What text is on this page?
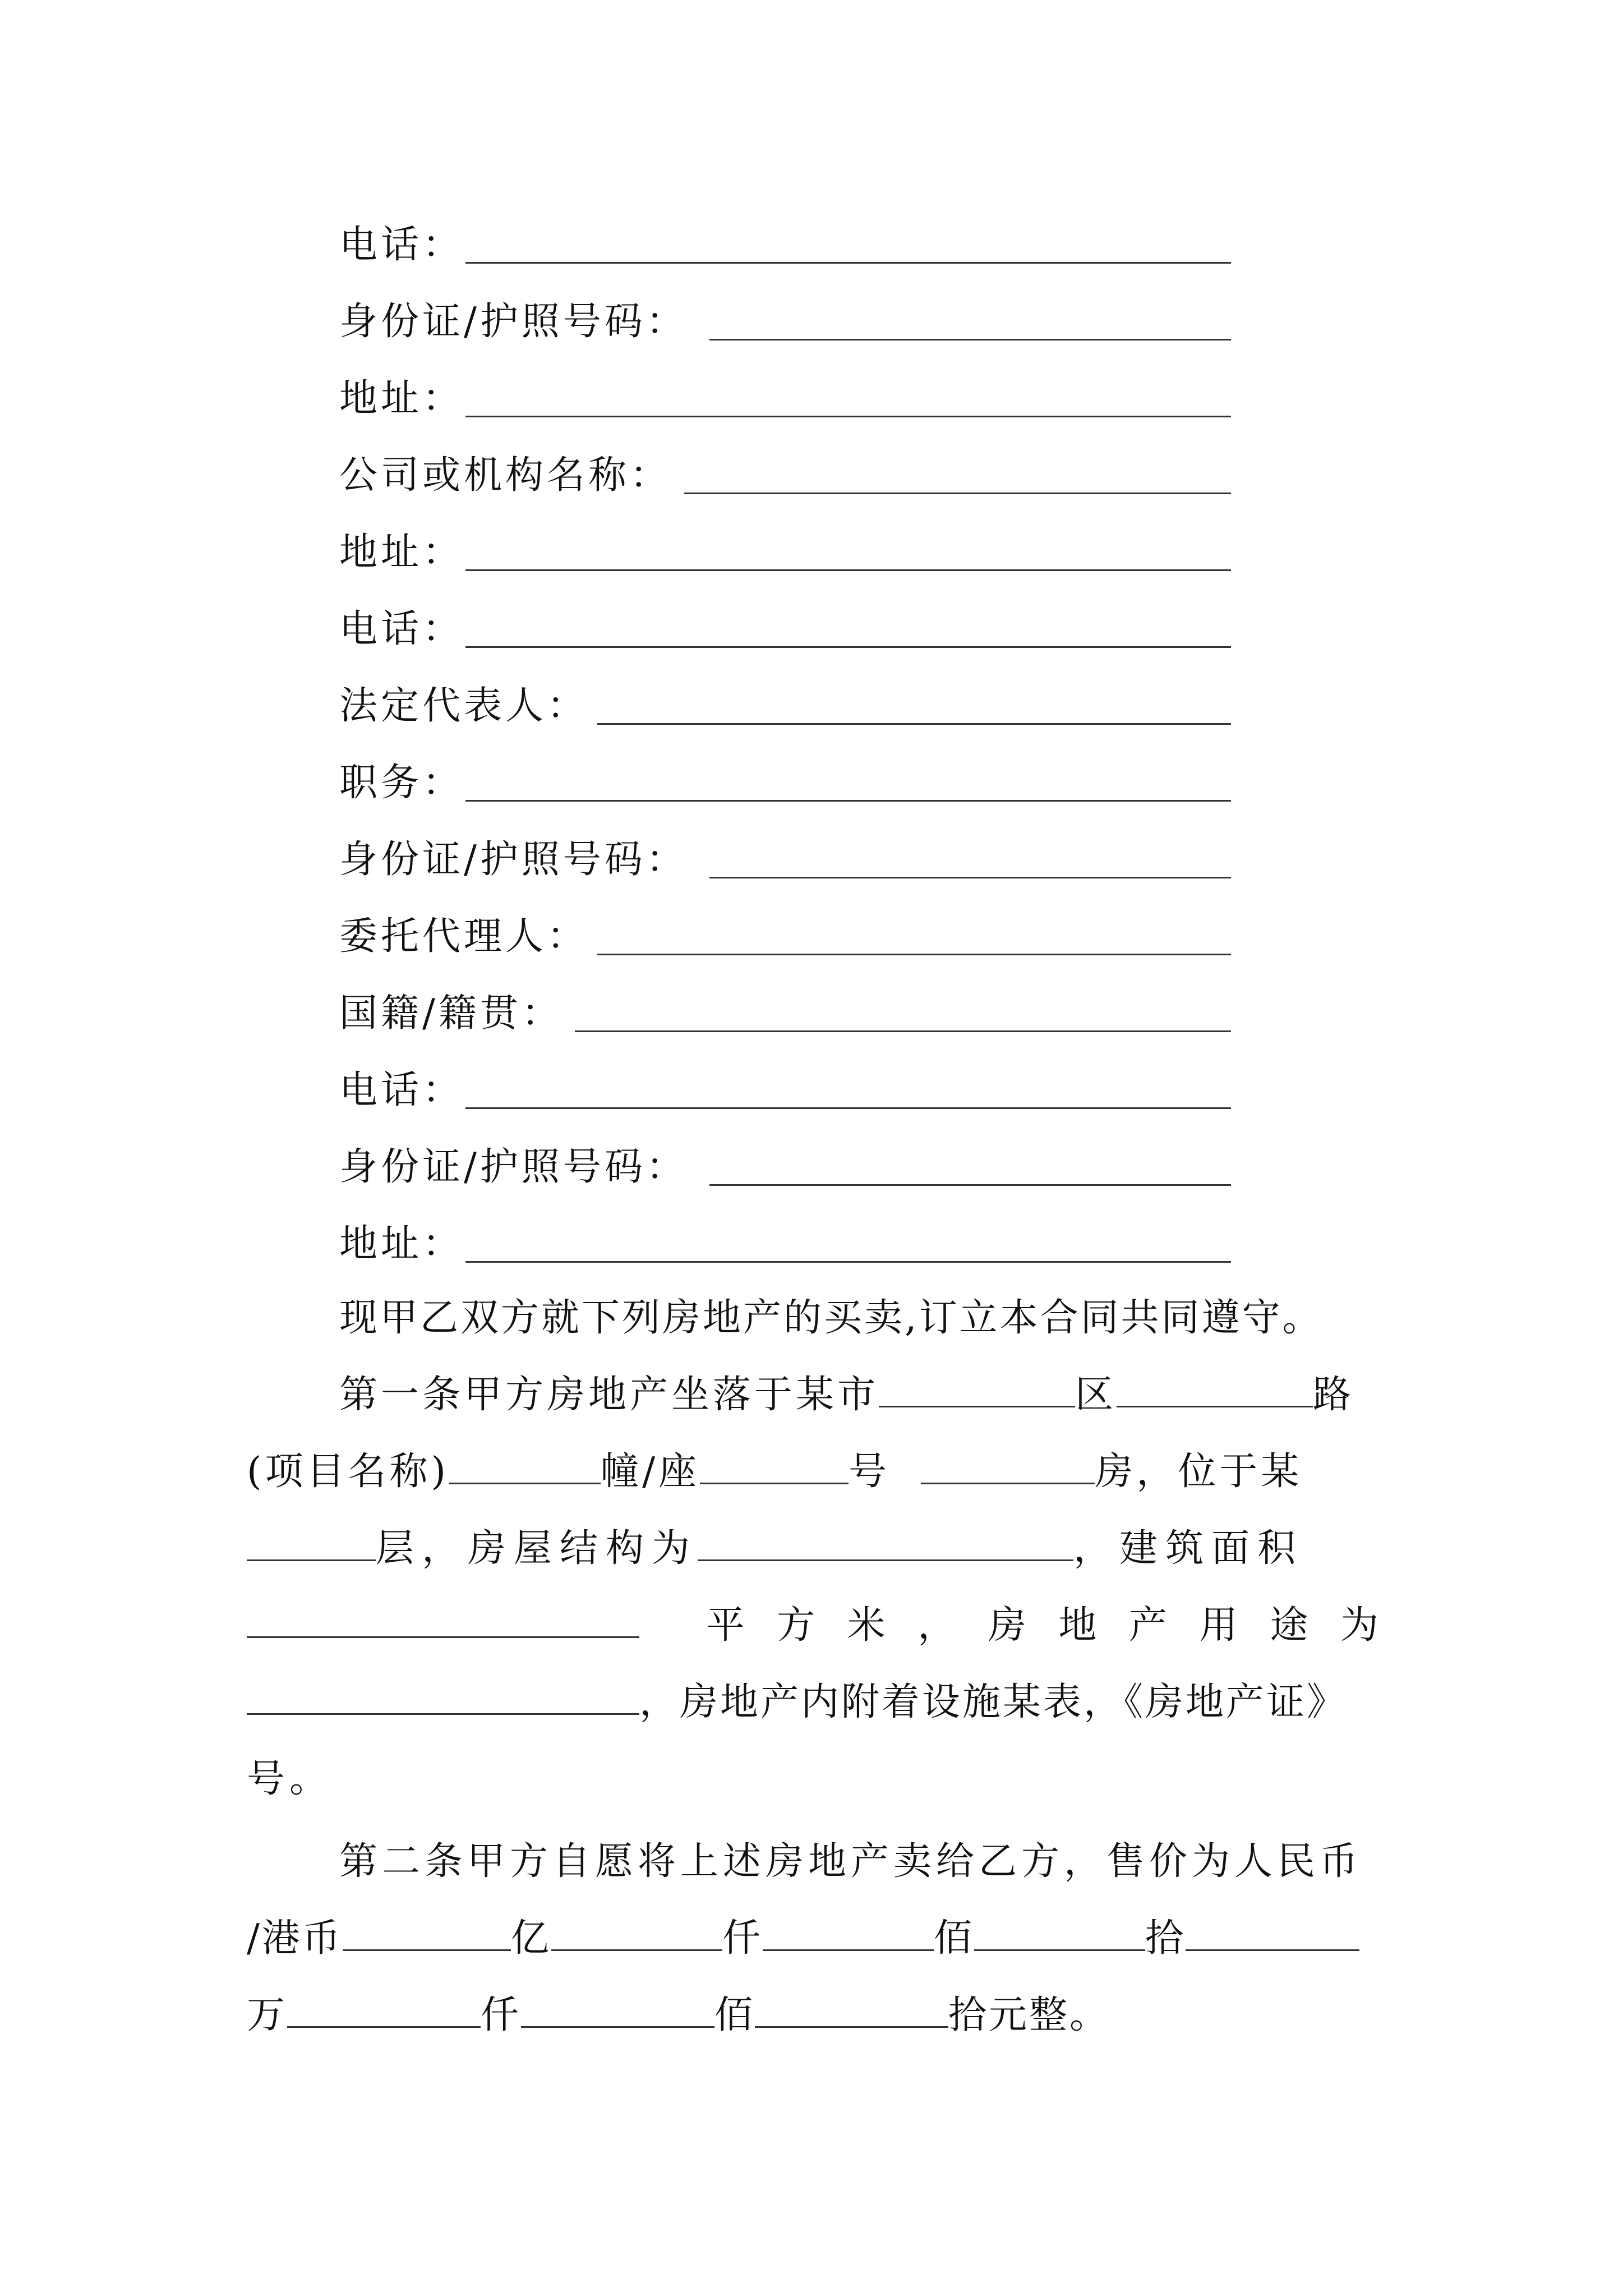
电话：
身份证/护照号码：
地址：
公司或机构名称：
地址：
电话：
法定代表人：
职务：
身份证/护照号码：
委托代理人：
国籍/籍贯：
电话：
身份证/护照号码：
地址：
现甲乙双方就下列房地产的买卖,订立本合同共同遵守。
第一条甲方房地产坐落于某市	区	路
(项目名称)	幢/座	号	房，位于某
层，房屋结构为	，建筑面积
平 方 米 ， 房 地 产 用 途 为
，房地产内附着设施某表，《房地产证》
号。
第二条甲方自愿将上述房地产卖给乙方，售价为人民币
/港币	亿	仟	佰	拾
万	仟	佰	拾元整。
